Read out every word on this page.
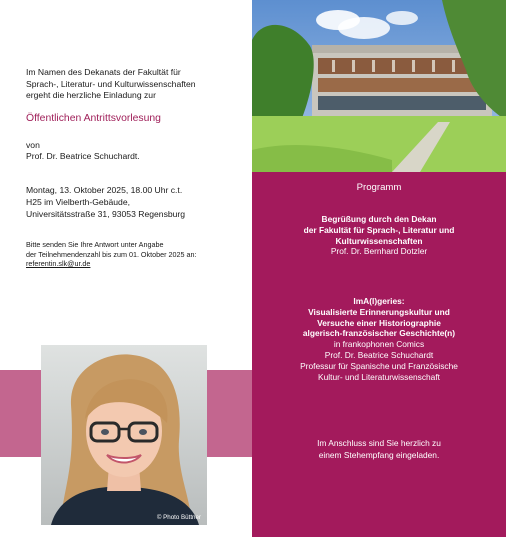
Im Namen des Dekanats der Fakultät für
Sprach-, Literatur- und Kulturwissenschaften
ergeht die herzliche Einladung zur
Öffentlichen Antrittsvorlesung
von
Prof. Dr. Beatrice Schuchardt.
Montag, 13. Oktober 2025, 18.00 Uhr c.t.
H25 im Vielberth-Gebäude,
Universitätsstraße 31, 93053 Regensburg
Bitte senden Sie Ihre Antwort unter Angabe
der Teilnehmendenzahl bis zum 01. Oktober 2025 an:
referentin.slk@ur.de
© Photo Büttner
Programm
Begrüßung durch den Dekan
der Fakultät für Sprach-, Literatur und
Kulturwissenschaften
Prof. Dr. Bernhard Dotzler
ImA(l)geries:
Visualisierte Erinnerungskultur und
Versuche einer Historiographie
algerisch-französischer Geschichte(n)
in frankophonen Comics
Prof. Dr. Beatrice Schuchardt
Professur für Spanische und Französische
Kultur- und Literaturwissenschaft
Im Anschluss sind Sie herzlich zu
einem Stehempfang eingeladen.
